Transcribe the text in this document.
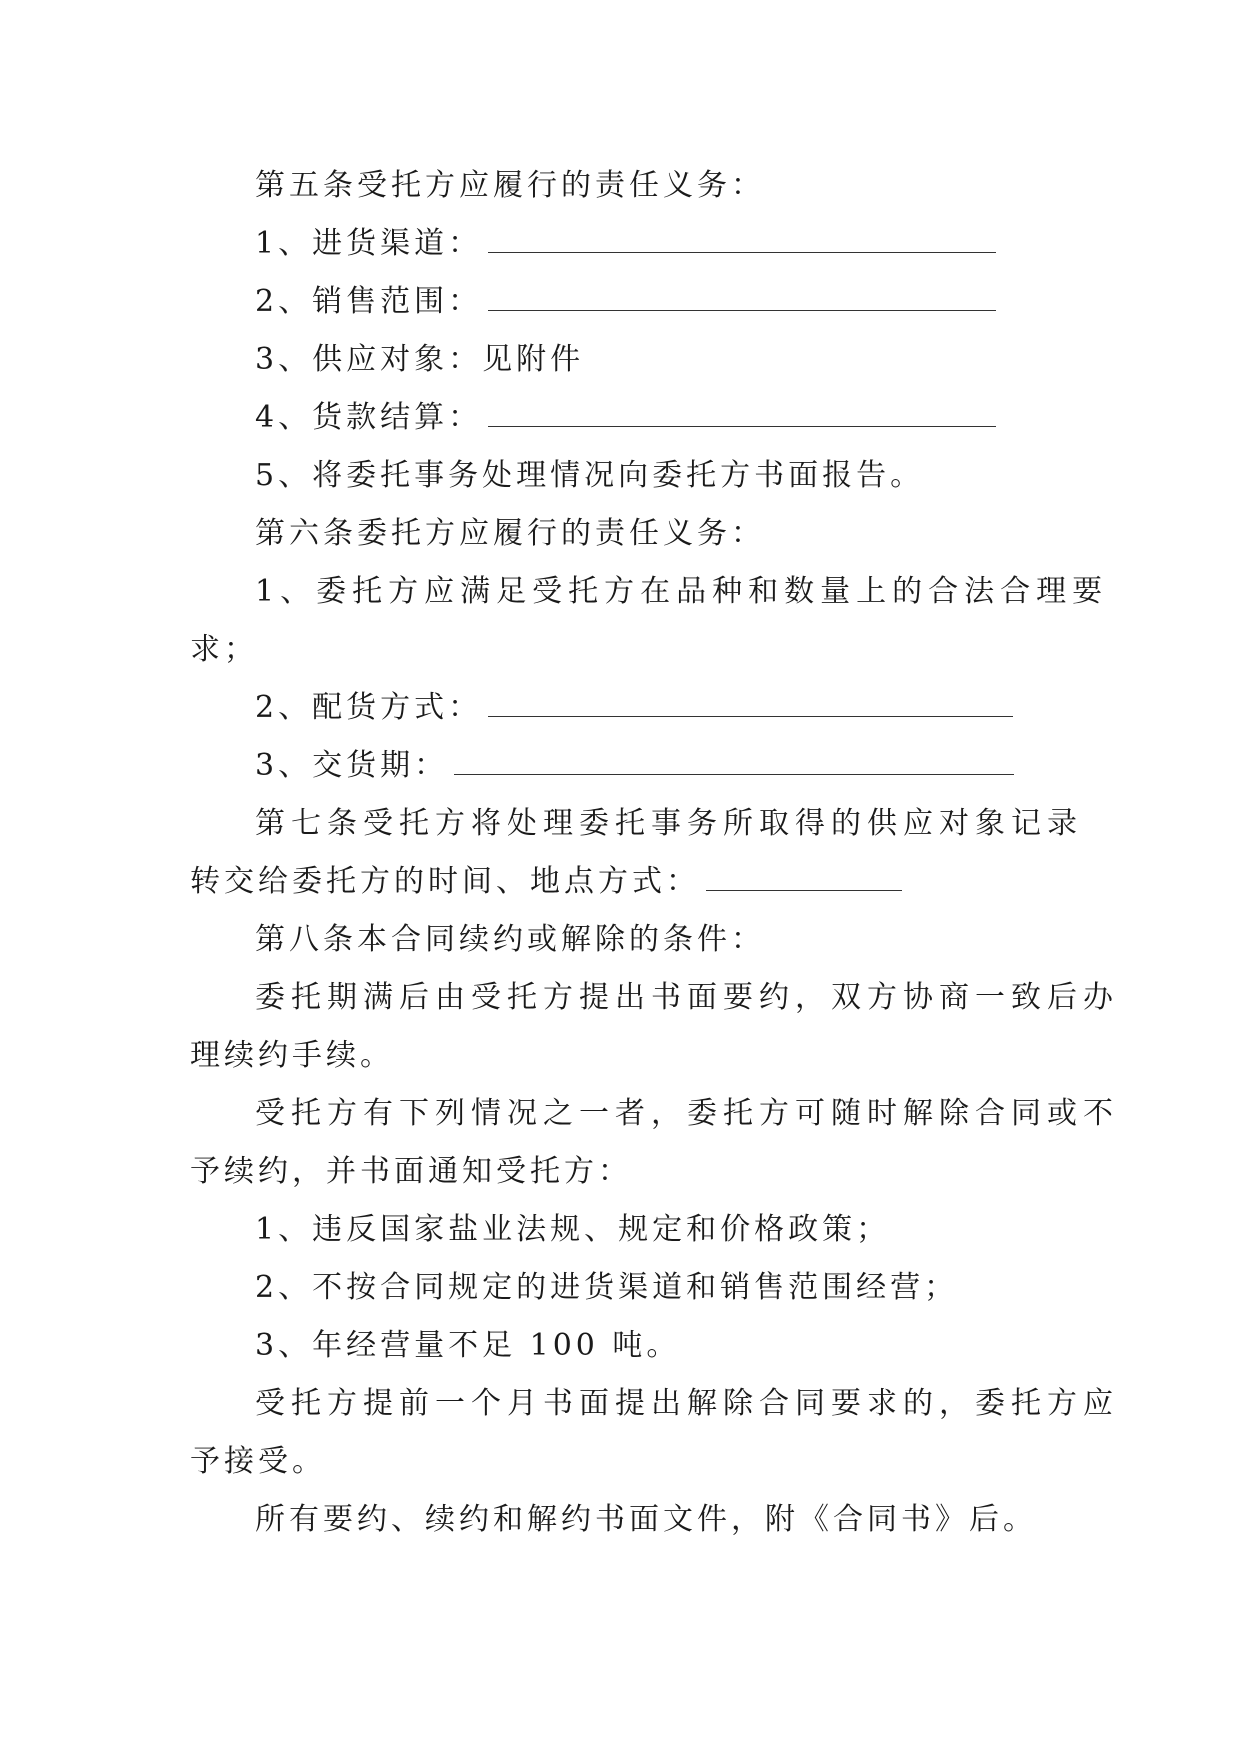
第五条受托方应履行的责任义务：
1、进货渠道：
2、销售范围：
3、供应对象：见附件
4、货款结算：
5、将委托事务处理情况向委托方书面报告。
第六条委托方应履行的责任义务：
1、委托方应满足受托方在品种和数量上的合法合理要
求；
2、配货方式：
3、交货期：
第七条受托方将处理委托事务所取得的供应对象记录
转交给委托方的时间、地点方式：
第八条本合同续约或解除的条件：
委托期满后由受托方提出书面要约，双方协商一致后办
理续约手续。
受托方有下列情况之一者，委托方可随时解除合同或不
予续约，并书面通知受托方：
1、违反国家盐业法规、规定和价格政策；
2、不按合同规定的进货渠道和销售范围经营；
3、年经营量不足 100 吨。
受托方提前一个月书面提出解除合同要求的，委托方应
予接受。
所有要约、续约和解约书面文件，附《合同书》后。
